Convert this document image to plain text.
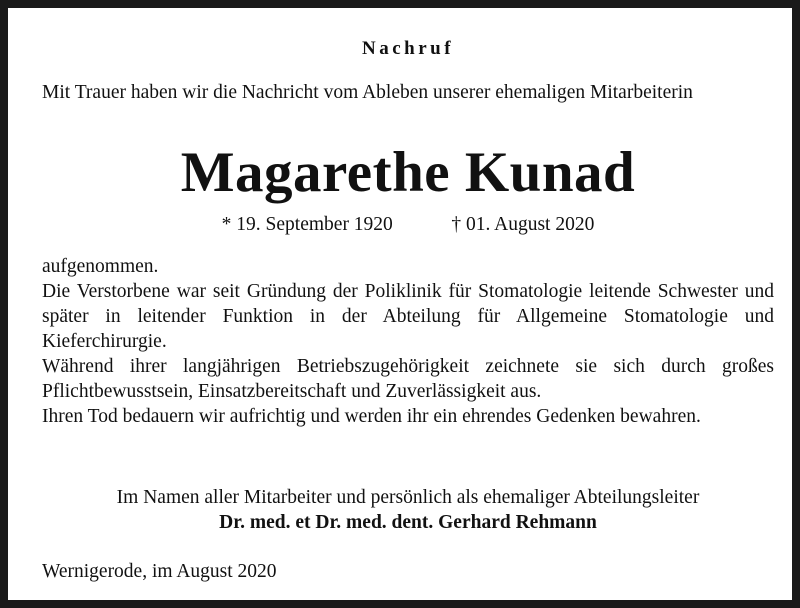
Nachruf
Mit Trauer haben wir die Nachricht vom Ableben unserer ehemaligen Mitarbeiterin
Magarethe Kunad
* 19. September 1920	† 01. August 2020

aufgenommen.

Die Verstorbene war seit Gründung der Poliklinik für Stomatologie leitende Schwester und später in leitender Funktion in der Abteilung für Allgemeine Stomatologie und Kieferchirurgie.

Während ihrer langjährigen Betriebszugehörigkeit zeichnete sie sich durch großes Pflichtbewusstsein, Einsatzbereitschaft und Zuverlässigkeit aus.

Ihren Tod bedauern wir aufrichtig und werden ihr ein ehrendes Gedenken bewahren.

Im Namen aller Mitarbeiter und persönlich als ehemaliger Abteilungsleiter
Dr. med. et Dr. med. dent. Gerhard Rehmann
Wernigerode, im August 2020
